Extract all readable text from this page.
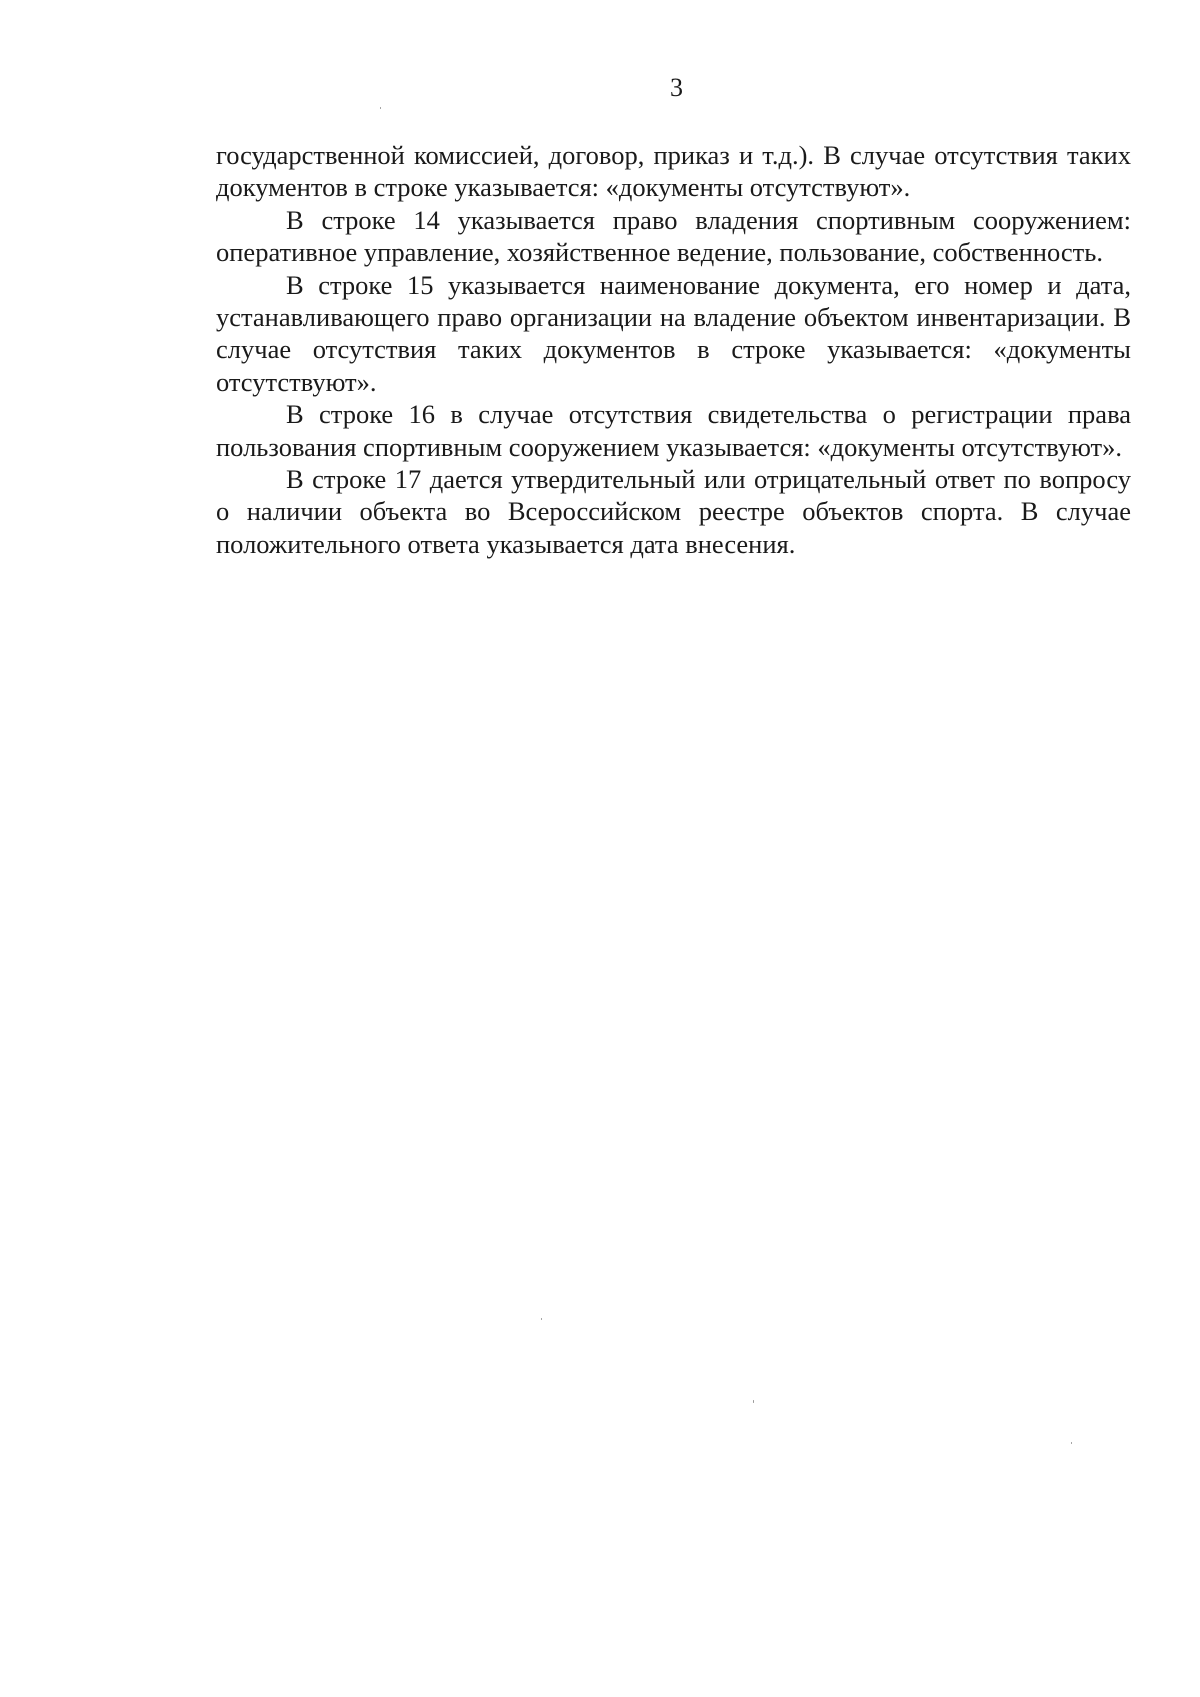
3

государственной комиссией, договор, приказ и т.д.). В случае отсутствия таких документов в строке указывается: «документы отсутствуют».

В строке 14 указывается право владения спортивным сооружением: оперативное управление, хозяйственное ведение, пользование, собственность.

В строке 15 указывается наименование документа, его номер и дата, устанавливающего право организации на владение объектом инвентаризации. В случае отсутствия таких документов в строке указывается: «документы отсутствуют».

В строке 16 в случае отсутствия свидетельства о регистрации права пользования спортивным сооружением указывается: «документы отсутствуют».

В строке 17 дается утвердительный или отрицательный ответ по вопросу о наличии объекта во Всероссийском реестре объектов спорта. В случае положительного ответа указывается дата внесения.
